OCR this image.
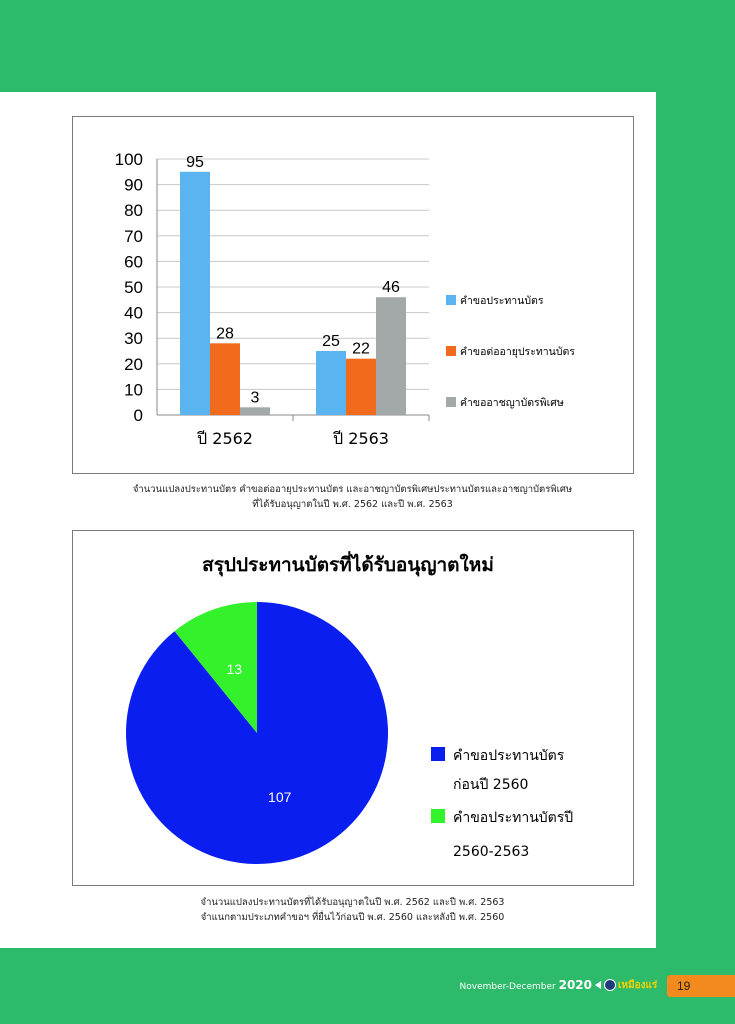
0
10
20
30
40
50
60
70
80
90
100	95
28
3
ปี 2562
25 22
46
ปี 2563
คำขอประทานบัตร
คำขอต่ออายุประทานบัตร
คำขออาชญาบัตรพิเศษ
จำนวนแปลงประทานบัตร คำขอต่ออายุประทานบัตร และอาชญาบัตรพิเศษประทานบัตรและอาชญาบัตรพิเศษ
ที่ได้รับอนุญาตในปี พ.ศ. 2562 และปี พ.ศ. 2563
สรุปประทานบัตรที่ได้รับอนุญาตใหม่
107
13
คำขอประทานบัตร
ก่อนปี 2560
คำขอประทานบัตรปี
2560-2563
จำนวนแปลงประทานบัตรที่ได้รับอนุญาตในปี พ.ศ. 2562 และปี พ.ศ. 2563
จำแนกตามประเภทคำขอฯ ที่ยื่นไว้ก่อนปี พ.ศ. 2560 และหลังปี พ.ศ. 2560
November-December 2020	เหมืองแร่	19
